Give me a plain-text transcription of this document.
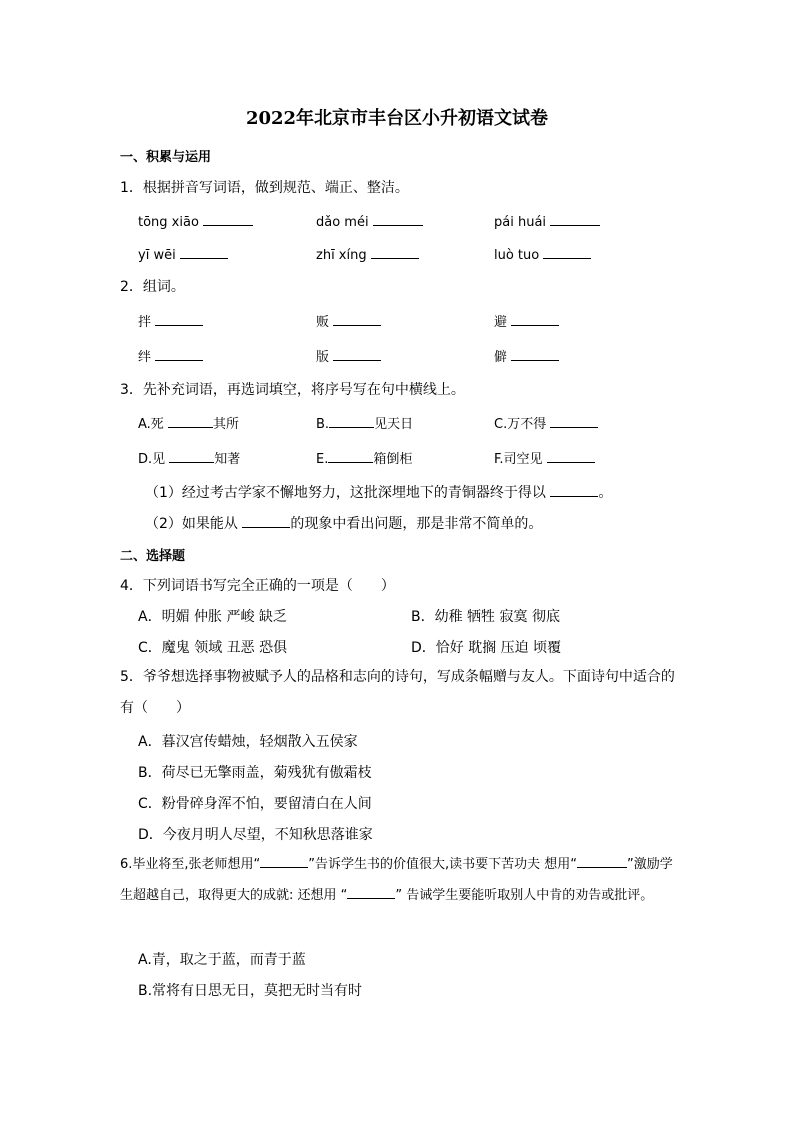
2022年北京市丰台区小升初语文试卷
一、积累与运用
1．根据拼音写词语，做到规范、端正、整洁。
tōng xiāo	dǎo méi	pái huái
yī wēi	zhī xíng	luò tuo
2．组词。
拌	贩	避
绊	版	僻
3．先补充词语，再选词填空，将序号写在句中横线上。
A.死	其所	B.	见天日	C.万不得
D.见	知著	E.	箱倒柜	F.司空见
（1）经过考古学家不懈地努力，这批深埋地下的青铜器终于得以	。
（2）如果能从	的现象中看出问题，那是非常不简单的。
二、选择题
4．下列词语书写完全正确的一项是（　　）
A．明媚 仲胀 严峻 缺乏	B．幼稚 牺牲 寂寞 彻底
C．魔鬼 领域 丑恶 恐俱	D．恰好 耽搁 压迫 顷覆
5．爷爷想选择事物被赋予人的品格和志向的诗句，写成条幅赠与友人。下面诗句中适合的有（　　）
A．暮汉宫传蜡烛，轻烟散入五侯家
B．荷尽已无擎雨盖，菊残犹有傲霜枝
C．粉骨碎身浑不怕，要留清白在人间
D．今夜月明人尽望，不知秋思落谁家
6.毕业将至,张老师想用“	”告诉学生书的价值很大,读书要下苦功夫 想用“	”激励学生超越自己，取得更大的成就: 还想用 “	” 告诫学生要能听取别人中肯的劝告或批评。
A.青，取之于蓝，而青于蓝
B.常将有日思无日，莫把无时当有时
